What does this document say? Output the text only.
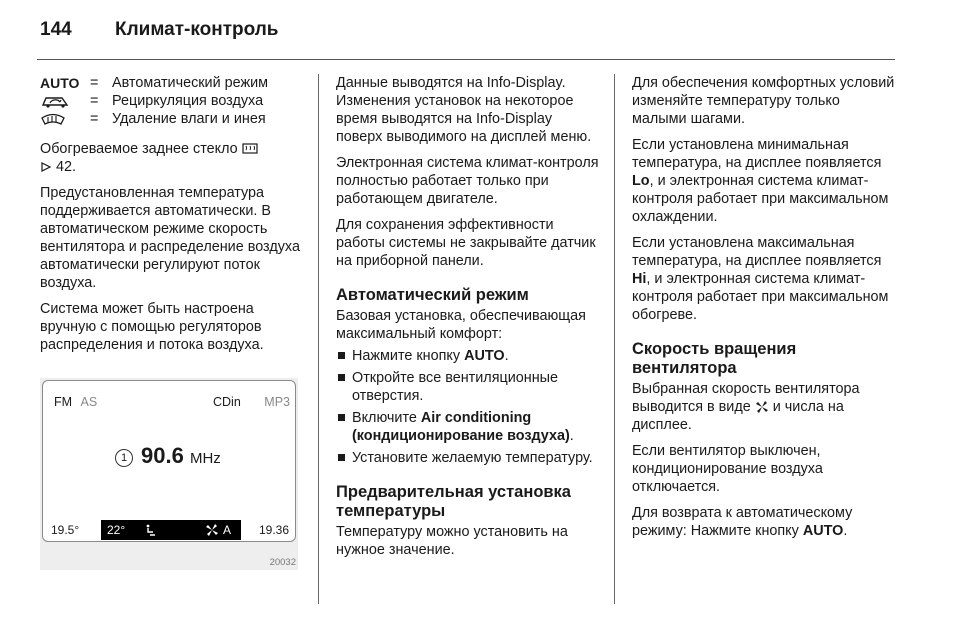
144 Климат-контроль
AUTO = Автоматический режим
= Рециркуляция воздуха
= Удаление влаги и инея

Обогреваемое заднее стекло
42.

Предустановленная температура поддерживается автоматически. В автоматическом режиме скорость вентилятора и распределение воздуха автоматически регулируют поток воздуха.

Система может быть настроена вручную с помощью регуляторов распределения и потока воздуха.

FM AS	CDin MP3
1 90.6 MHz
19.5° 22°	A 19.36
20032

Данные выводятся на Info-Display. Изменения установок на некоторое время выводятся на Info-Display поверх выводимого на дисплей меню.

Электронная система климат-контроля полностью работает только при работающем двигателе.

Для сохранения эффективности работы системы не закрывайте датчик на приборной панели.

Автоматический режим

Базовая установка, обеспечивающая максимальный комфорт:

Нажмите кнопку AUTO.
Откройте все вентиляционные отверстия.
Включите Air conditioning (кондиционирование воздуха).
Установите желаемую температуру.
Предварительная установка температуры

Температуру можно установить на нужное значение.

Для обеспечения комфортных условий изменяйте температуру только малыми шагами.

Если установлена минимальная температура, на дисплее появляется Lo, и электронная система климат-контроля работает при максимальном охлаждении.

Если установлена максимальная температура, на дисплее появляется Hi, и электронная система климат-контроля работает при максимальном обогреве.

Скорость вращения вентилятора

Выбранная скорость вентилятора выводится в виде и числа на дисплее.

Если вентилятор выключен, кондиционирование воздуха отключается.

Для возврата к автоматическому режиму: Нажмите кнопку AUTO.
